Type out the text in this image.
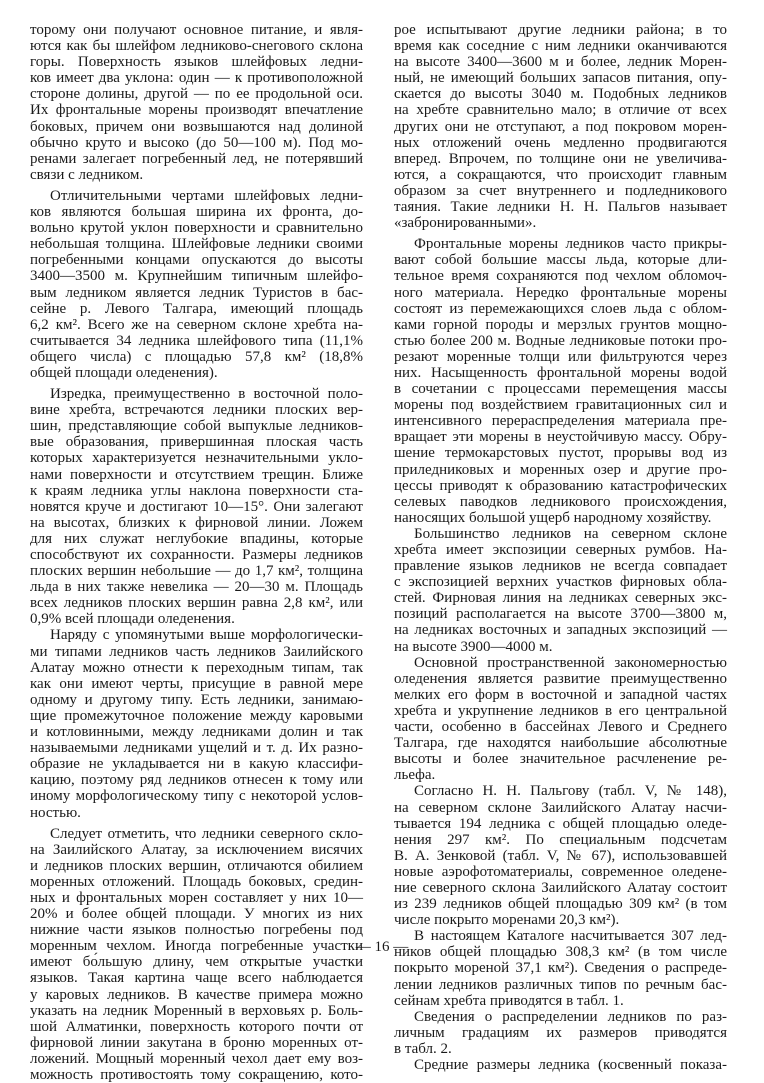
торому они получают основное питание, и явля-
ются как бы шлейфом ледниково-снегового склона
горы. Поверхность языков шлейфовых ледни-
ков имеет два уклона: один — к противоположной
стороне долины, другой — по ее продольной оси.
Их фронтальные морены производят впечатление
боковых, причем они возвышаются над долиной
обычно круто и высоко (до 50—100 м). Под мо-
ренами залегает погребенный лед, не потерявший
связи с ледником.
Отличительными чертами шлейфовых ледни-
ков являются большая ширина их фронта, до-
вольно крутой уклон поверхности и сравнительно
небольшая толщина. Шлейфовые ледники своими
погребенными концами опускаются до высоты
3400—3500 м. Крупнейшим типичным шлейфо-
вым ледником является ледник Туристов в бас-
сейне р. Левого Талгара, имеющий площадь
6,2 км². Всего же на северном склоне хребта на-
считывается 34 ледника шлейфового типа (11,1%
общего числа) с площадью 57,8 км² (18,8%
общей площади оледенения).
Изредка, преимущественно в восточной поло-
вине хребта, встречаются ледники плоских вер-
шин, представляющие собой выпуклые ледников-
вые образования, привершинная плоская часть
которых характеризуется незначительными укло-
нами поверхности и отсутствием трещин. Ближе
к краям ледника углы наклона поверхности ста-
новятся круче и достигают 10—15°. Они залегают
на высотах, близких к фирновой линии. Ложем
для них служат неглубокие впадины, которые
способствуют их сохранности. Размеры ледников
плоских вершин небольшие — до 1,7 км², толщина
льда в них также невелика — 20—30 м. Площадь
всех ледников плоских вершин равна 2,8 км², или
0,9% всей площади оледенения.
Наряду с упомянутыми выше морфологически-
ми типами ледников часть ледников Заилийского
Алатау можно отнести к переходным типам, так
как они имеют черты, присущие в равной мере
одному и другому типу. Есть ледники, занимаю-
щие промежуточное положение между каровыми
и котловинными, между ледниками долин и так
называемыми ледниками ущелий и т. д. Их разно-
образие не укладывается ни в какую классифи-
кацию, поэтому ряд ледников отнесен к тому или
иному морфологическому типу с некоторой услов-
ностью.
Следует отметить, что ледники северного скло-
на Заилийского Алатау, за исключением висячих
и ледников плоских вершин, отличаются обилием
моренных отложений. Площадь боковых, средин-
ных и фронтальных морен составляет у них 10—
20% и более общей площади. У многих из них
нижние части языков полностью погребены под
моренным чехлом. Иногда погребенные участки
имеют бо́льшую длину, чем открытые участки
языков. Такая картина чаще всего наблюдается
у каровых ледников. В качестве примера можно
указать на ледник Моренный в верховьях р. Боль-
шой Алматинки, поверхность которого почти от
фирновой линии закутана в броню моренных от-
ложений. Мощный моренный чехол дает ему воз-
можность противостоять тому сокращению, кото-
рое испытывают другие ледники района; в то
время как соседние с ним ледники оканчиваются
на высоте 3400—3600 м и более, ледник Морен-
ный, не имеющий больших запасов питания, опу-
скается до высоты 3040 м. Подобных ледников
на хребте сравнительно мало; в отличие от всех
других они не отступают, а под покровом морен-
ных отложений очень медленно продвигаются
вперед. Впрочем, по толщине они не увеличива-
ются, а сокращаются, что происходит главным
образом за счет внутреннего и подледникового
таяния. Такие ледники Н. Н. Пальгов называет
«забронированными».
Фронтальные морены ледников часто прикры-
вают собой большие массы льда, которые дли-
тельное время сохраняются под чехлом обломоч-
ного материала. Нередко фронтальные морены
состоят из перемежающихся слоев льда с облом-
ками горной породы и мерзлых грунтов мощно-
стью более 200 м. Водные ледниковые потоки про-
резают моренные толщи или фильтруются через
них. Насыщенность фронтальной морены водой
в сочетании с процессами перемещения массы
морены под воздействием гравитационных сил и
интенсивного перераспределения материала пре-
вращает эти морены в неустойчивую массу. Обру-
шение термокарстовых пустот, прорывы вод из
приледниковых и моренных озер и другие про-
цессы приводят к образованию катастрофических
селевых паводков ледникового происхождения,
наносящих большой ущерб народному хозяйству.
Большинство ледников на северном склоне
хребта имеет экспозиции северных румбов. На-
правление языков ледников не всегда совпадает
с экспозицией верхних участков фирновых обла-
стей. Фирновая линия на ледниках северных экс-
позиций располагается на высоте 3700—3800 м,
на ледниках восточных и западных экспозиций —
на высоте 3900—4000 м.
Основной пространственной закономерностью
оледенения является развитие преимущественно
мелких его форм в восточной и западной частях
хребта и укрупнение ледников в его центральной
части, особенно в бассейнах Левого и Среднего
Талгара, где находятся наибольшие абсолютные
высоты и более значительное расчленение ре-
льефа.
Согласно Н. Н. Пальгову (табл. V, № 148),
на северном склоне Заилийского Алатау насчи-
тывается 194 ледника с общей площадью оледе-
нения 297 км². По специальным подсчетам
В. А. Зенковой (табл. V, № 67), использовавшей
новые аэрофотоматериалы, современное оледене-
ние северного склона Заилийского Алатау состоит
из 239 ледников общей площадью 309 км² (в том
числе покрыто моренами 20,3 км²).
В настоящем Каталоге насчитывается 307 лед-
ников общей площадью 308,3 км² (в том числе
покрыто мореной 37,1 км²). Сведения о распреде-
лении ледников различных типов по речным бас-
сейнам хребта приводятся в табл. 1.
Сведения о распределении ледников по раз-
личным градациям их размеров приводятся
в табл. 2.
Средние размеры ледника (косвенный показа-
— 16 —
